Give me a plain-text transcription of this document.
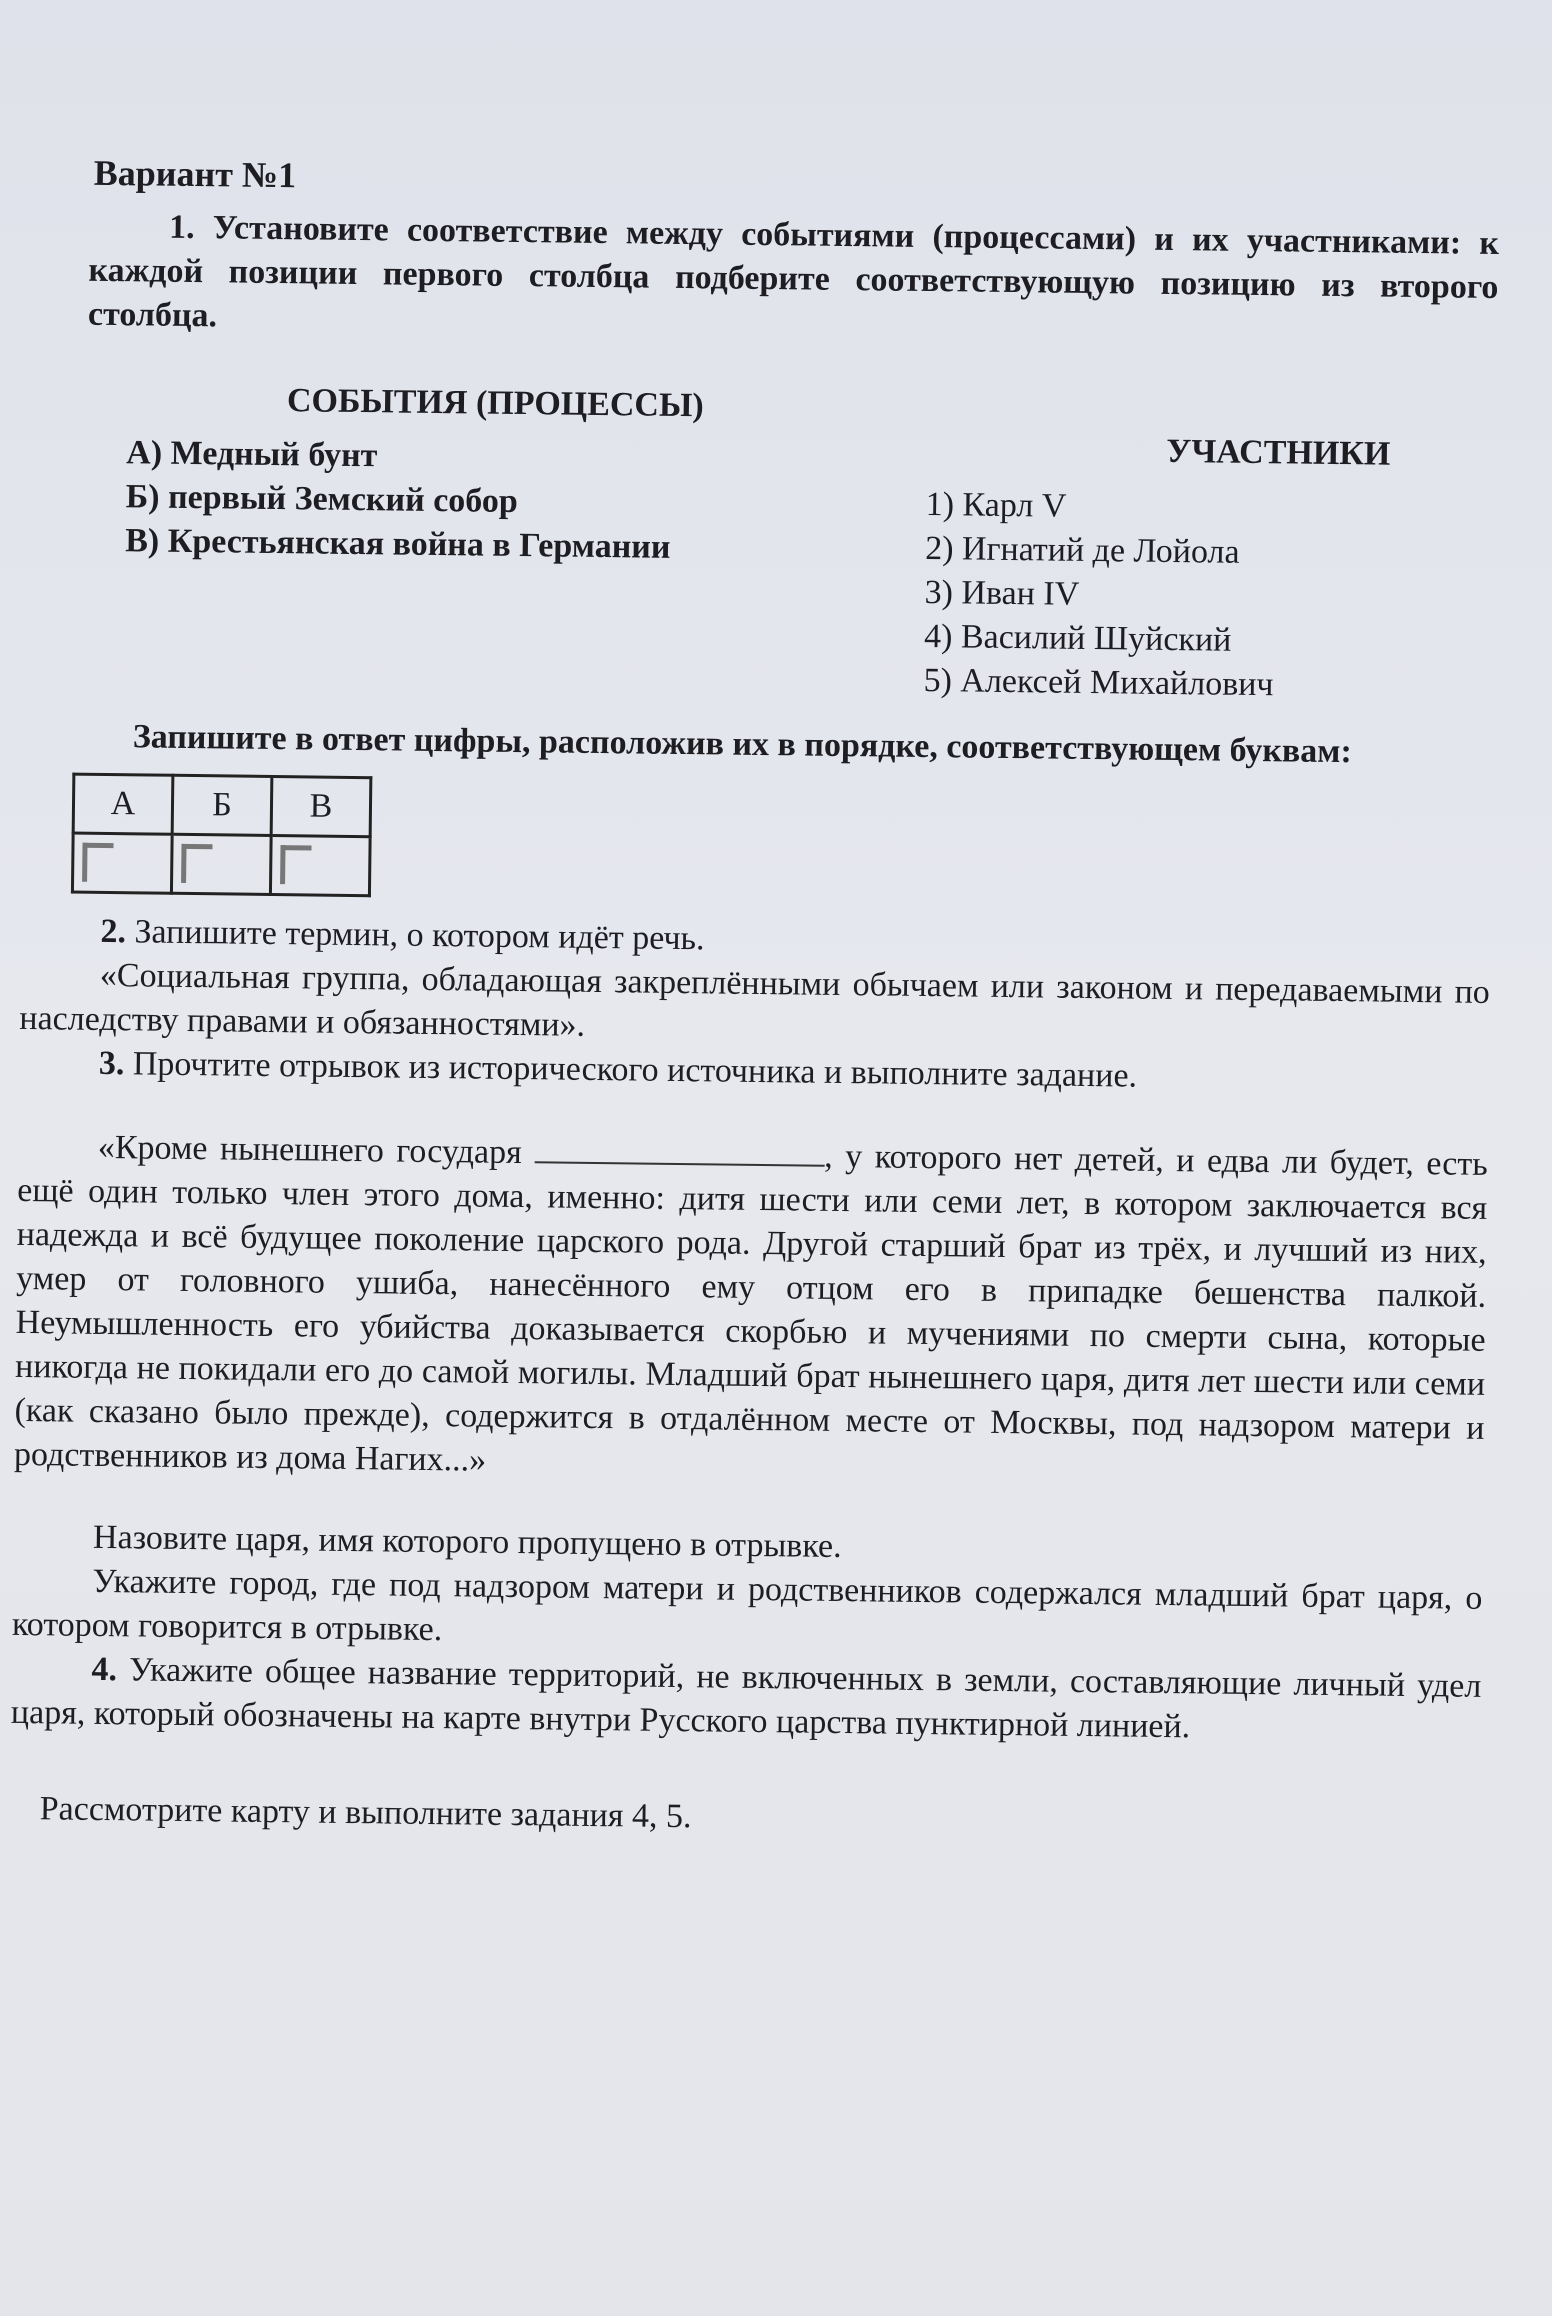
Вариант №1
1. Установите соответствие между событиями (процессами) и их участниками: к каждой позиции первого столбца подберите соответствующую позицию из второго столбца.
СОБЫТИЯ (ПРОЦЕССЫ)
А) Медный бунт
Б) первый Земский собор
В) Крестьянская война в Германии
УЧАСТНИКИ
1) Карл V
2) Игнатий де Лойола
3) Иван IV
4) Василий Шуйский
5) Алексей Михайлович
Запишите в ответ цифры, расположив их в порядке, соответствующем буквам:
А	Б	В

2. Запишите термин, о котором идёт речь.
«Социальная группа, обладающая закреплёнными обычаем или законом и передаваемыми по наследству правами и обязанностями».
3. Прочтите отрывок из исторического источника и выполните задание.
«Кроме нынешнего государя	, у которого нет детей, и едва ли будет, есть ещё один только член этого дома, именно: дитя шести или семи лет, в котором заключается вся надежда и всё будущее поколение царского рода. Другой старший брат из трёх, и лучший из них, умер от головного ушиба, нанесённого ему отцом его в припадке бешенства палкой. Неумышленность его убийства доказывается скорбью и мучениями по смерти сына, которые никогда не покидали его до самой могилы. Младший брат нынешнего царя, дитя лет шести или семи (как сказано было прежде), содержится в отдалённом месте от Москвы, под надзором матери и родственников из дома Нагих...»
Назовите царя, имя которого пропущено в отрывке.
Укажите город, где под надзором матери и родственников содержался младший брат царя, о котором говорится в отрывке.
4. Укажите общее название территорий, не включенных в земли, составляющие личный удел царя, который обозначены на карте внутри Русского царства пунктирной линией.
Рассмотрите карту и выполните задания 4, 5.
